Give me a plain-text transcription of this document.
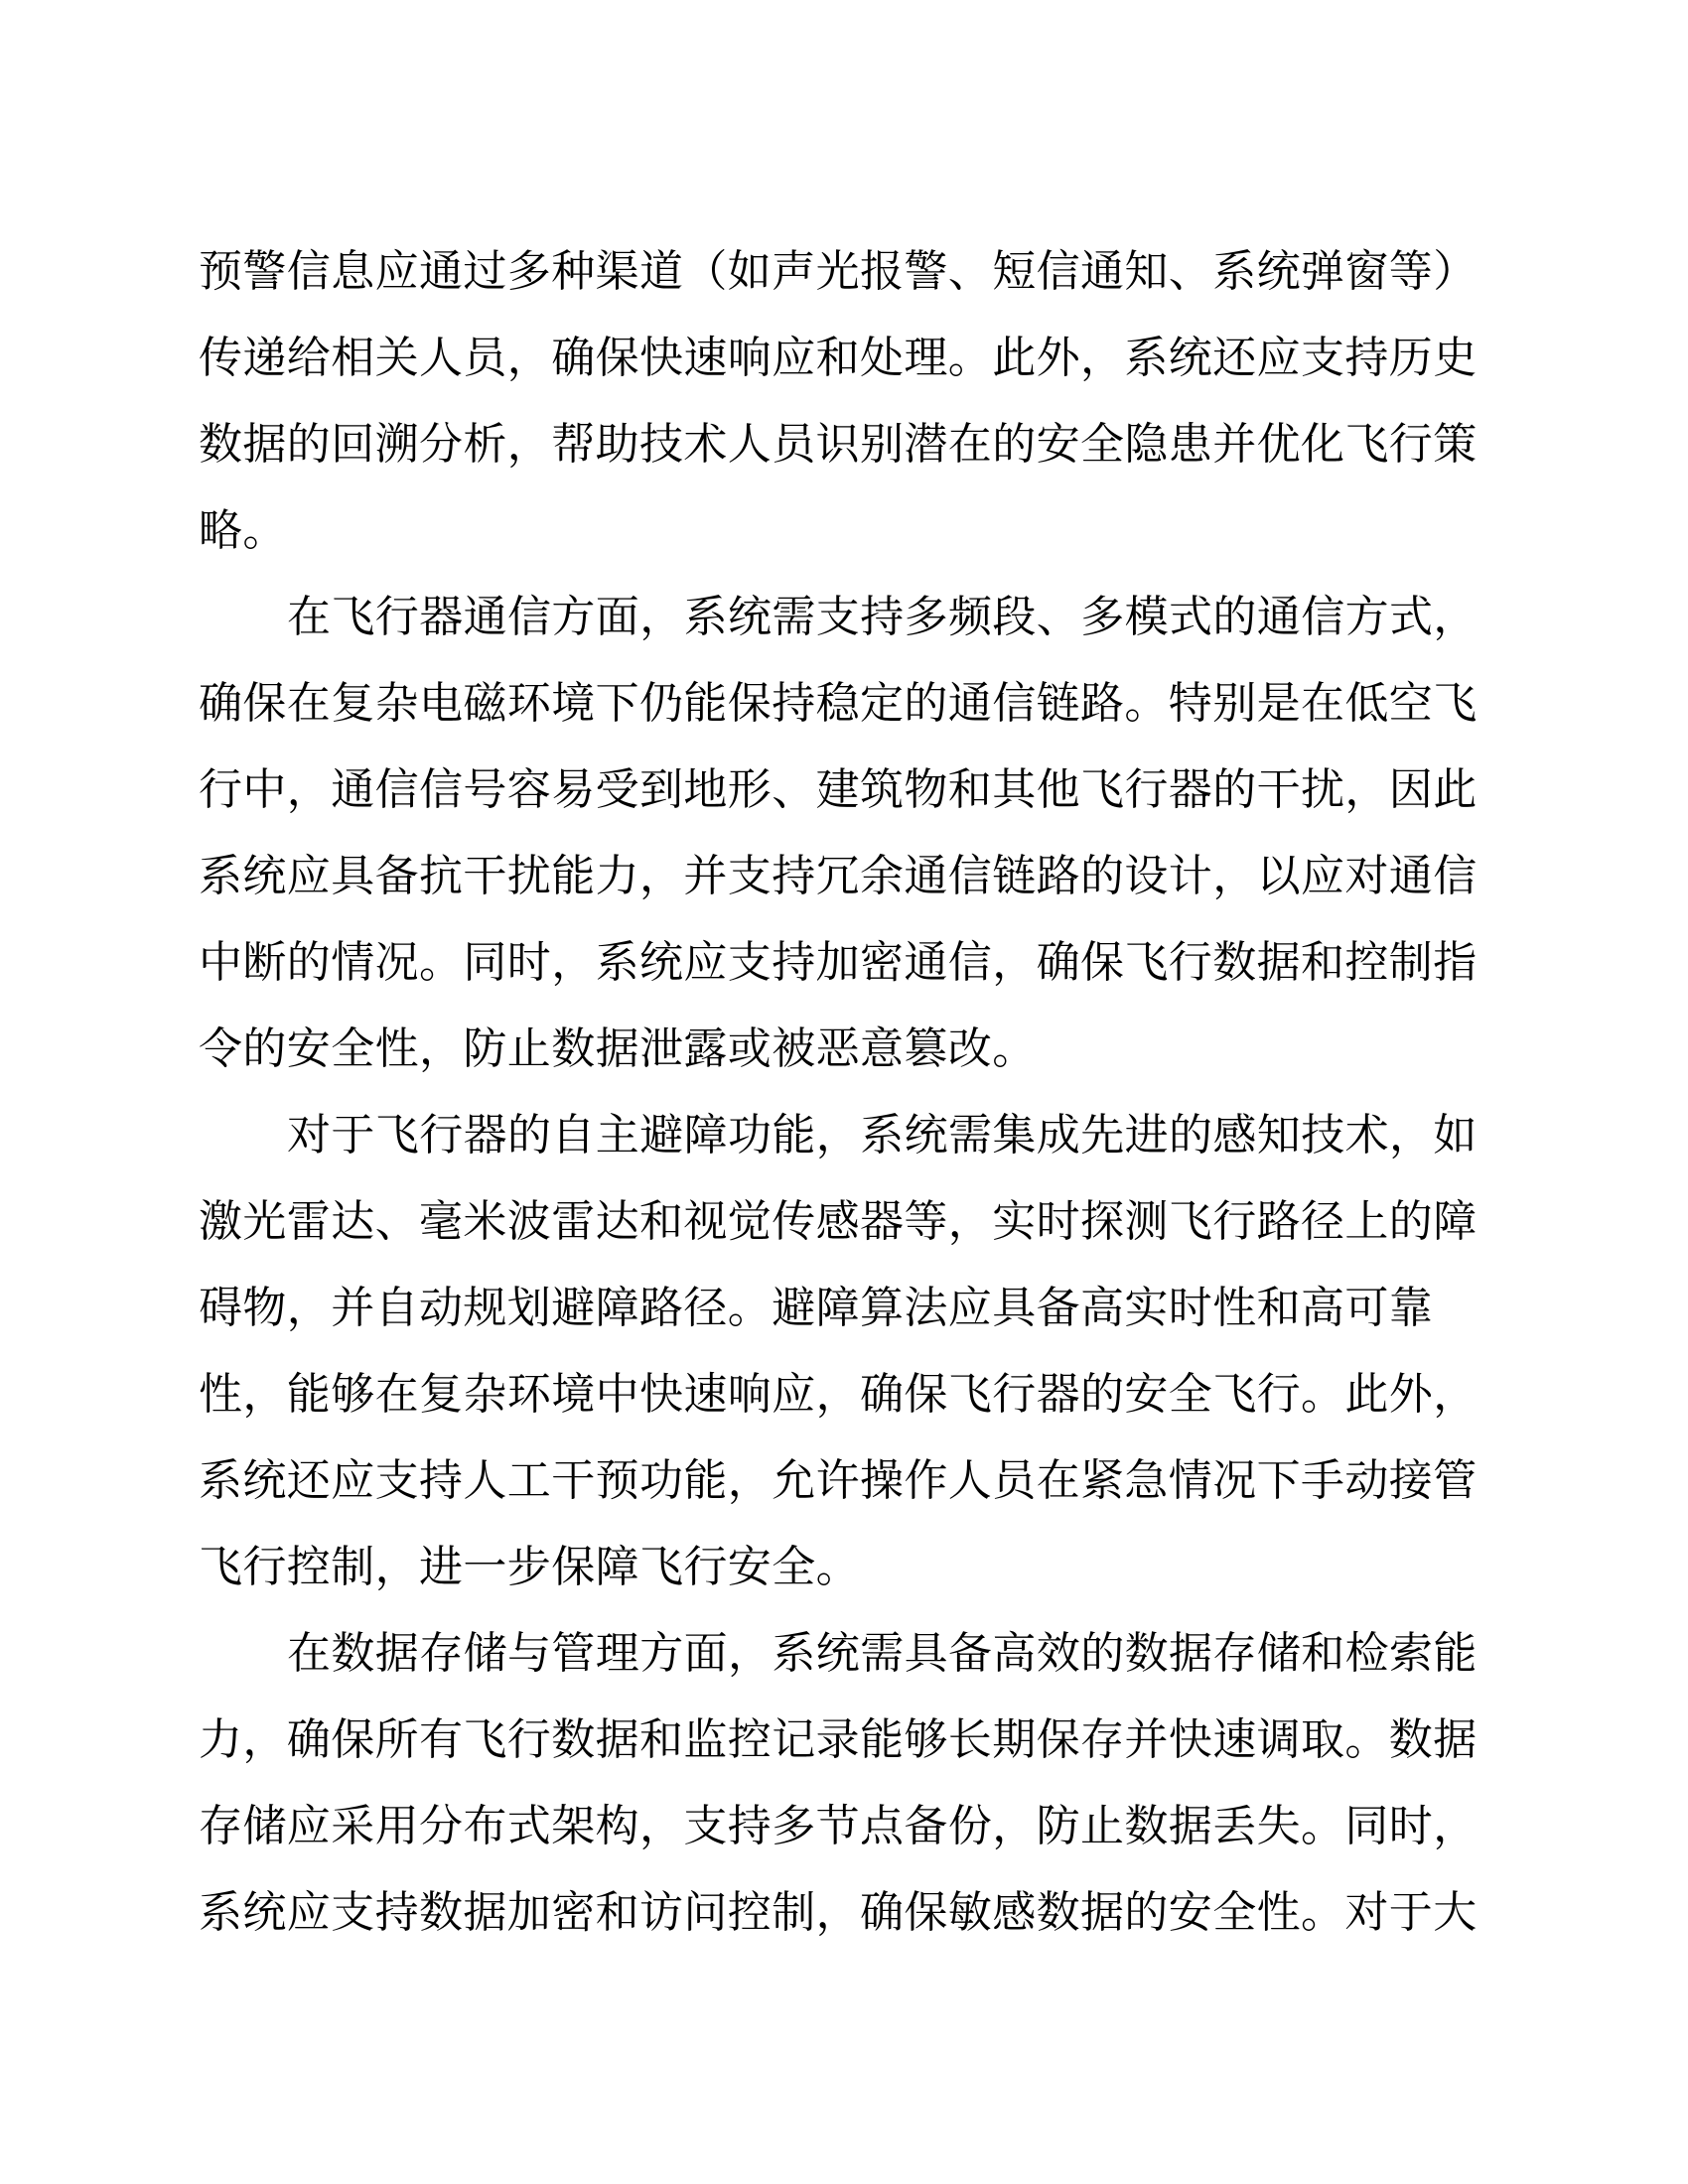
预警信息应通过多种渠道（如声光报警、短信通知、系统弹窗等）
传递给相关人员，确保快速响应和处理。此外，系统还应支持历史
数据的回溯分析，帮助技术人员识别潜在的安全隐患并优化飞行策
略。
在飞行器通信方面，系统需支持多频段、多模式的通信方式，
确保在复杂电磁环境下仍能保持稳定的通信链路。特别是在低空飞
行中，通信信号容易受到地形、建筑物和其他飞行器的干扰，因此
系统应具备抗干扰能力，并支持冗余通信链路的设计，以应对通信
中断的情况。同时，系统应支持加密通信，确保飞行数据和控制指
令的安全性，防止数据泄露或被恶意篡改。
对于飞行器的自主避障功能，系统需集成先进的感知技术，如
激光雷达、毫米波雷达和视觉传感器等，实时探测飞行路径上的障
碍物，并自动规划避障路径。避障算法应具备高实时性和高可靠
性，能够在复杂环境中快速响应，确保飞行器的安全飞行。此外，
系统还应支持人工干预功能，允许操作人员在紧急情况下手动接管
飞行控制，进一步保障飞行安全。
在数据存储与管理方面，系统需具备高效的数据存储和检索能
力，确保所有飞行数据和监控记录能够长期保存并快速调取。数据
存储应采用分布式架构，支持多节点备份，防止数据丢失。同时，
系统应支持数据加密和访问控制，确保敏感数据的安全性。对于大
